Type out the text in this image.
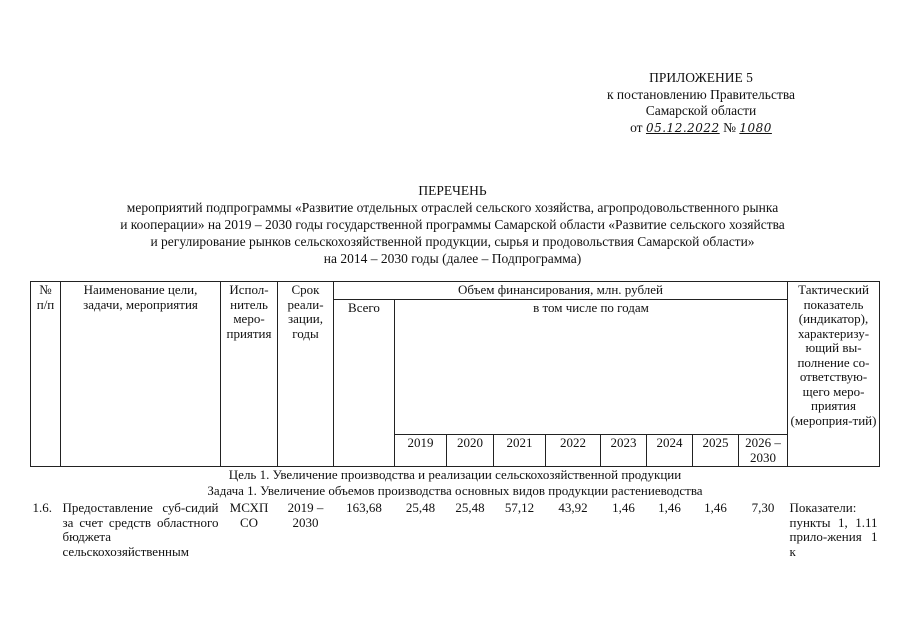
ПРИЛОЖЕНИЕ 5
к постановлению Правительства
Самарской области
от 05.12.2022 № 1080
ПЕРЕЧЕНЬ
мероприятий подпрограммы «Развитие отдельных отраслей сельского хозяйства, агропродовольственного рынка
и кооперации» на 2019 – 2030 годы государственной программы Самарской области «Развитие сельского хозяйства
и регулирование рынков сельскохозяйственной продукции, сырья и продовольствия Самарской области»
на 2014 – 2030 годы (далее – Подпрограмма)
№ п/п	Наименование цели, задачи, мероприятия	Испол-нитель меро-приятия	Срок реали-зации, годы	Объем финансирования, млн. рублей									Тактический показатель (индикатор), характеризу-ющий вы-полнение со-ответствую-щего меро-приятия (мероприя-тий)
				Всего	в том числе по годам								
					2019	2020	2021	2022	2023	2024	2025	2026 – 2030	
Цель 1. Увеличение производства и реализации сельскохозяйственной продукции													
Задача 1. Увеличение объемов производства основных видов продукции растениеводства													
1.6.	Предоставление суб-сидий за счет средств областного бюджета сельскохозяйственным	МСХП СО	2019 – 2030	163,68	25,48	25,48	57,12	43,92	1,46	1,46	1,46	7,30	Показатели: пункты 1, 1.11 прило-жения 1 к
